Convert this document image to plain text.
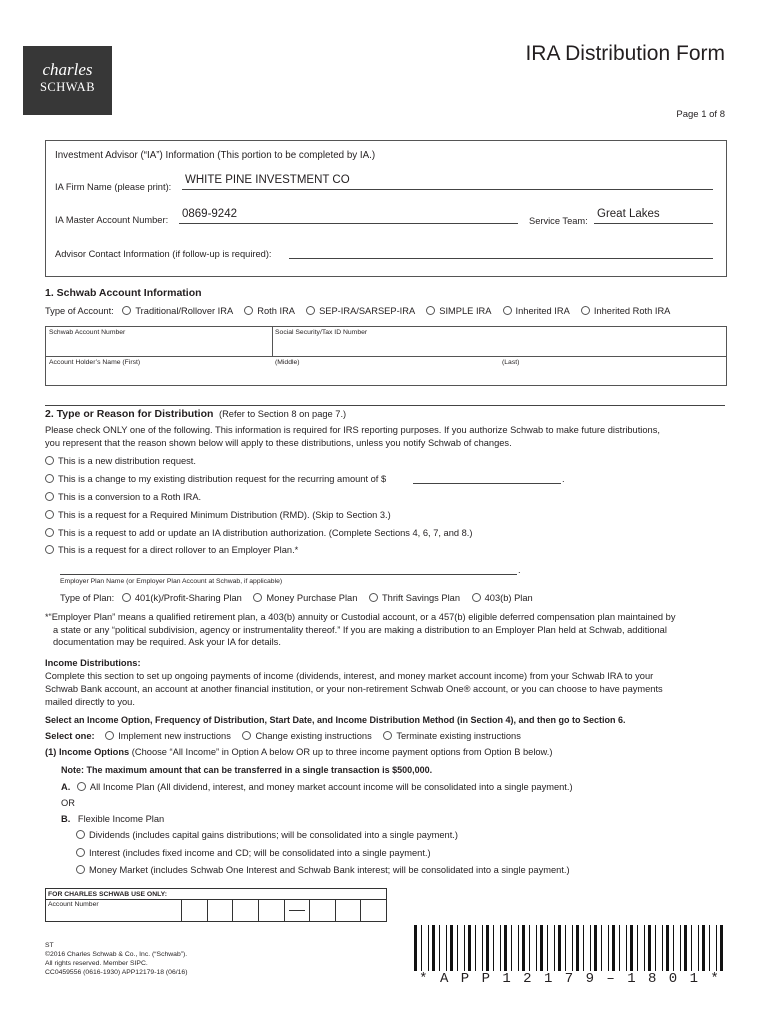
charles
SCHWAB
IRA Distribution Form
Page 1 of 8
Investment Advisor (“IA”) Information (This portion to be completed by IA.)
IA Firm Name (please print):
WHITE PINE INVESTMENT CO
IA Master Account Number: 0869-9242
Service Team:
Great Lakes
Advisor Contact Information (if follow-up is required):
1. Schwab Account Information
Type of Account: Traditional/Rollover IRA	Roth IRA	SEP-IRA/SARSEP-IRA	SIMPLE IRA	Inherited IRA	Inherited Roth IRA
Schwab Account Number	Social Security/Tax ID Number
Account Holder’s Name (First)	(Middle)	(Last)
2. Type or Reason for Distribution (Refer to Section 8 on page 7.)
Please check ONLY one of the following. This information is required for IRS reporting purposes. If you authorize Schwab to make future distributions,
you represent that the reason shown below will apply to these distributions, unless you notify Schwab of changes.
This is a new distribution request.
This is a change to my existing distribution request for the recurring amount of $	.
This is a conversion to a Roth IRA.
This is a request for a Required Minimum Distribution (RMD). (Skip to Section 3.)
This is a request to add or update an IA distribution authorization. (Complete Sections 4, 6, 7, and 8.)
This is a request for a direct rollover to an Employer Plan.*
.
Employer Plan Name (or Employer Plan Account at Schwab, if applicable)
Type of Plan: 401(k)/Profit-Sharing Plan	Money Purchase Plan	Thrift Savings Plan	403(b) Plan
*“Employer Plan” means a qualified retirement plan, a 403(b) annuity or Custodial account, or a 457(b) eligible deferred compensation plan maintained by
a state or any “political subdivision, agency or instrumentality thereof.” If you are making a distribution to an Employer Plan held at Schwab, additional
documentation may be required. Ask your IA for details.
Income Distributions:
Complete this section to set up ongoing payments of income (dividends, interest, and money market account income) from your Schwab IRA to your
Schwab Bank account, an account at another financial institution, or your non-retirement Schwab One® account, or you can choose to have payments
mailed directly to you.
Select an Income Option, Frequency of Distribution, Start Date, and Income Distribution Method (in Section 4), and then go to Section 6.
Select one:	Implement new instructions	Change existing instructions	Terminate existing instructions
(1) Income Options (Choose “All Income” in Option A below OR up to three income payment options from Option B below.)
Note: The maximum amount that can be transferred in a single transaction is $500,000.
A. All Income Plan (All dividend, interest, and money market account income will be consolidated into a single payment.)
OR
B. Flexible Income Plan
Dividends (includes capital gains distributions; will be consolidated into a single payment.)
Interest (includes fixed income and CD; will be consolidated into a single payment.)
Money Market (includes Schwab One Interest and Schwab Bank interest; will be consolidated into a single payment.)
FOR CHARLES SCHWAB USE ONLY:
Account Number
ST
©2016 Charles Schwab & Co., Inc. (“Schwab”).
All rights reserved. Member SIPC.
CC0459556 (0616-1930) APP12179-18 (06/16)	* A P P 1 2 1 7 9 – 1 8 0 1 *
